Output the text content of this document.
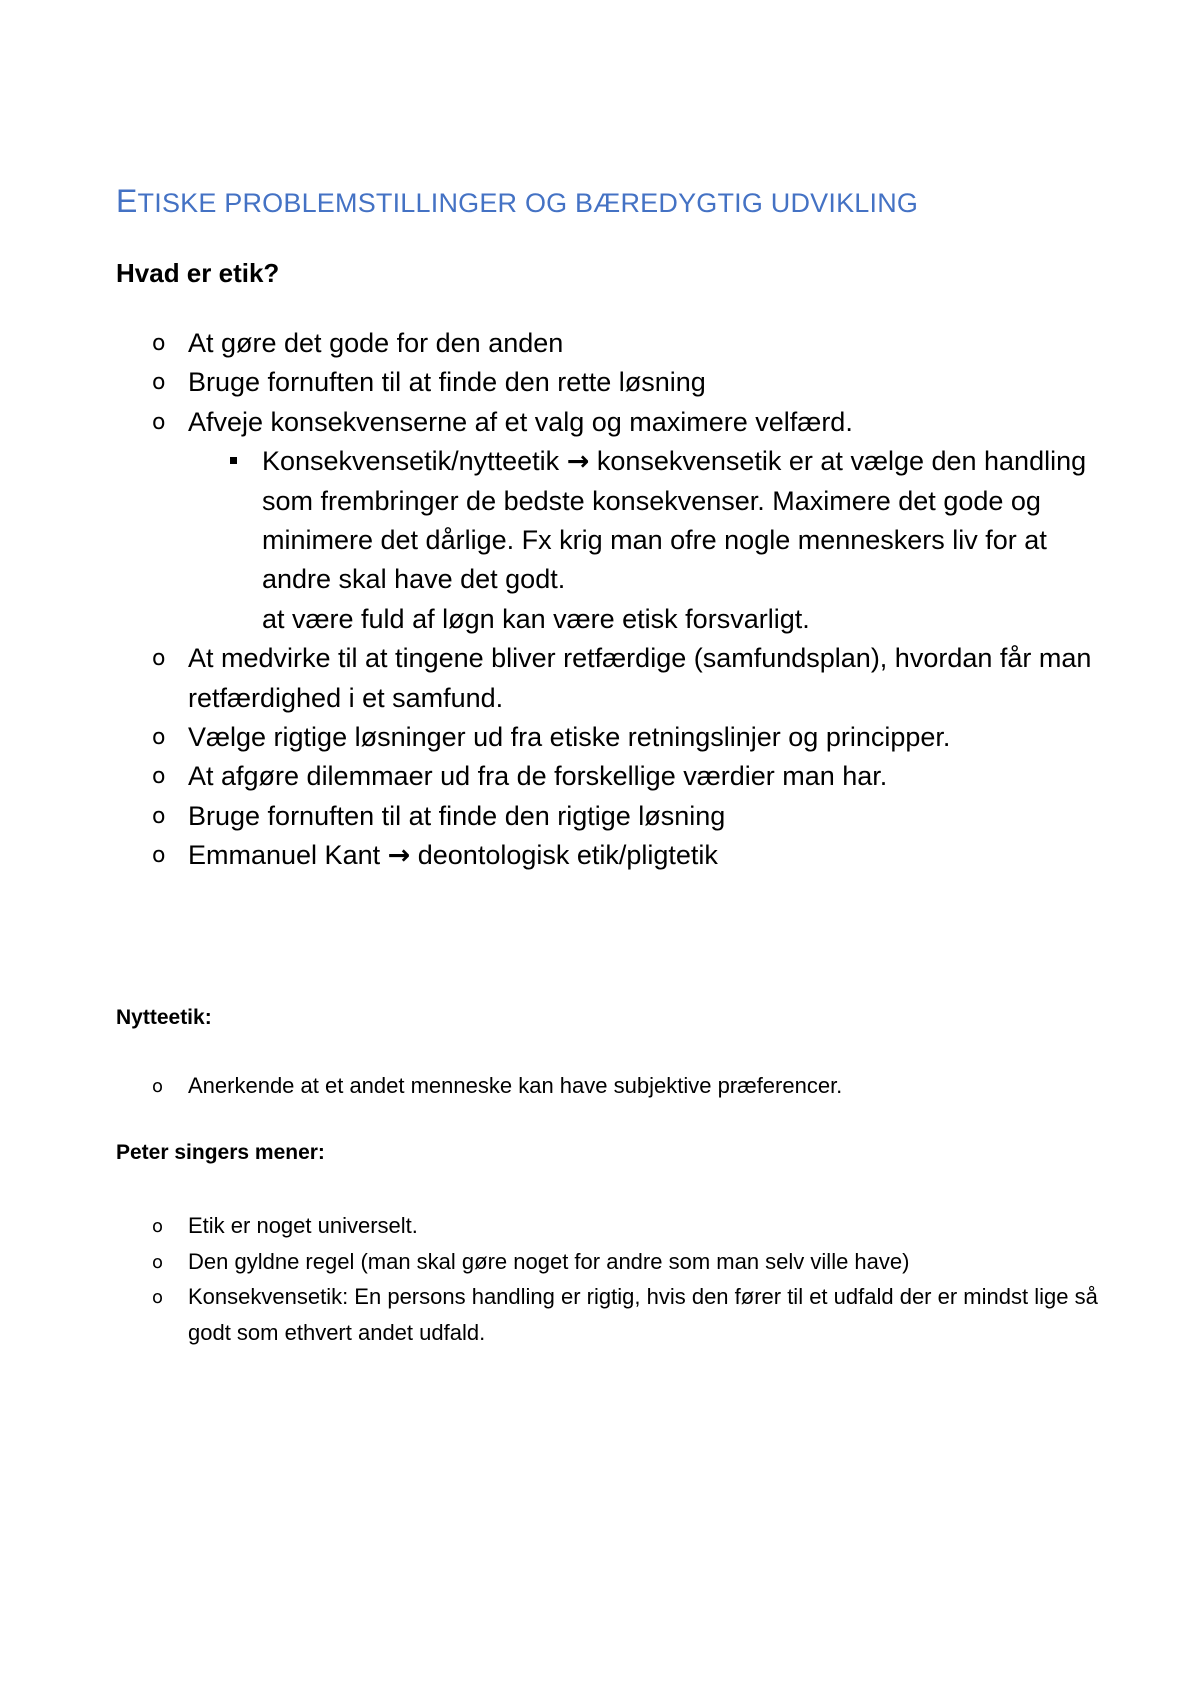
ETISKE PROBLEMSTILLINGER OG BÆREDYGTIG UDVIKLING
Hvad er etik?
o At gøre det gode for den anden
o Bruge fornuften til at finde den rette løsning
o Afveje konsekvenserne af et valg og maximere velfærd.
Konsekvensetik/nytteetik → konsekvensetik er at vælge den handling som frembringer de bedste konsekvenser. Maximere det gode og minimere det dårlige. Fx krig man ofre nogle menneskers liv for at andre skal have det godt.
at være fuld af løgn kan være etisk forsvarligt.
o At medvirke til at tingene bliver retfærdige (samfundsplan), hvordan får man retfærdighed i et samfund.
o Vælge rigtige løsninger ud fra etiske retningslinjer og principper.
o At afgøre dilemmaer ud fra de forskellige værdier man har.
o Bruge fornuften til at finde den rigtige løsning
o Emmanuel Kant → deontologisk etik/pligtetik
Nytteetik:
o Anerkende at et andet menneske kan have subjektive præferencer.
Peter singers mener:
o Etik er noget universelt.
o Den gyldne regel (man skal gøre noget for andre som man selv ville have)
o Konsekvensetik: En persons handling er rigtig, hvis den fører til et udfald der er mindst lige så godt som ethvert andet udfald.
